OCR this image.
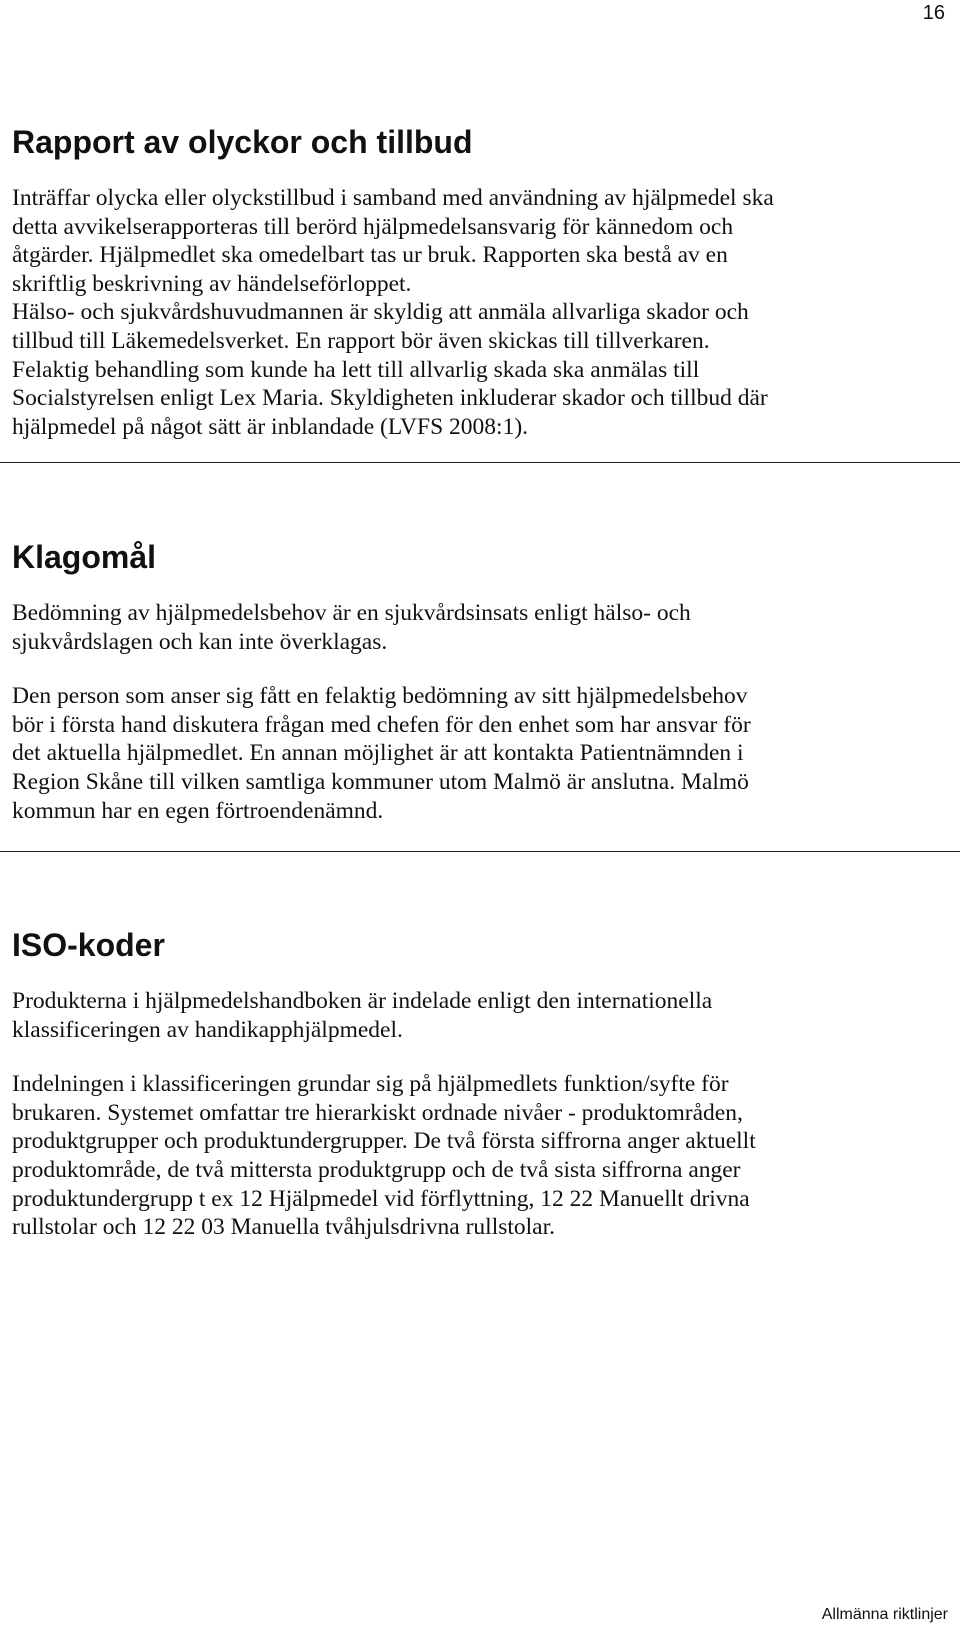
16
Rapport av olyckor och tillbud

Inträffar olycka eller olyckstillbud i samband med användning av hjälpmedel ska
detta avvikelserapporteras till berörd hjälpmedelsansvarig för kännedom och
åtgärder. Hjälpmedlet ska omedelbart tas ur bruk. Rapporten ska bestå av en
skriftlig beskrivning av händelseförloppet.
Hälso- och sjukvårdshuvudmannen är skyldig att anmäla allvarliga skador och
tillbud till Läkemedelsverket. En rapport bör även skickas till tillverkaren.
Felaktig behandling som kunde ha lett till allvarlig skada ska anmälas till
Socialstyrelsen enligt Lex Maria. Skyldigheten inkluderar skador och tillbud där
hjälpmedel på något sätt är inblandade (LVFS 2008:1).

Klagomål

Bedömning av hjälpmedelsbehov är en sjukvårdsinsats enligt hälso- och
sjukvårdslagen och kan inte överklagas.

Den person som anser sig fått en felaktig bedömning av sitt hjälpmedelsbehov
bör i första hand diskutera frågan med chefen för den enhet som har ansvar för
det aktuella hjälpmedlet. En annan möjlighet är att kontakta Patientnämnden i
Region Skåne till vilken samtliga kommuner utom Malmö är anslutna. Malmö
kommun har en egen förtroendenämnd.

ISO-koder

Produkterna i hjälpmedelshandboken är indelade enligt den internationella
klassificeringen av handikapphjälpmedel.

Indelningen i klassificeringen grundar sig på hjälpmedlets funktion/syfte för
brukaren. Systemet omfattar tre hierarkiskt ordnade nivåer - produktområden,
produktgrupper och produktundergrupper. De två första siffrorna anger aktuellt
produktområde, de två mittersta produktgrupp och de två sista siffrorna anger
produktundergrupp t ex 12 Hjälpmedel vid förflyttning, 12 22 Manuellt drivna
rullstolar och 12 22 03 Manuella tvåhjulsdrivna rullstolar.

Allmänna riktlinjer
